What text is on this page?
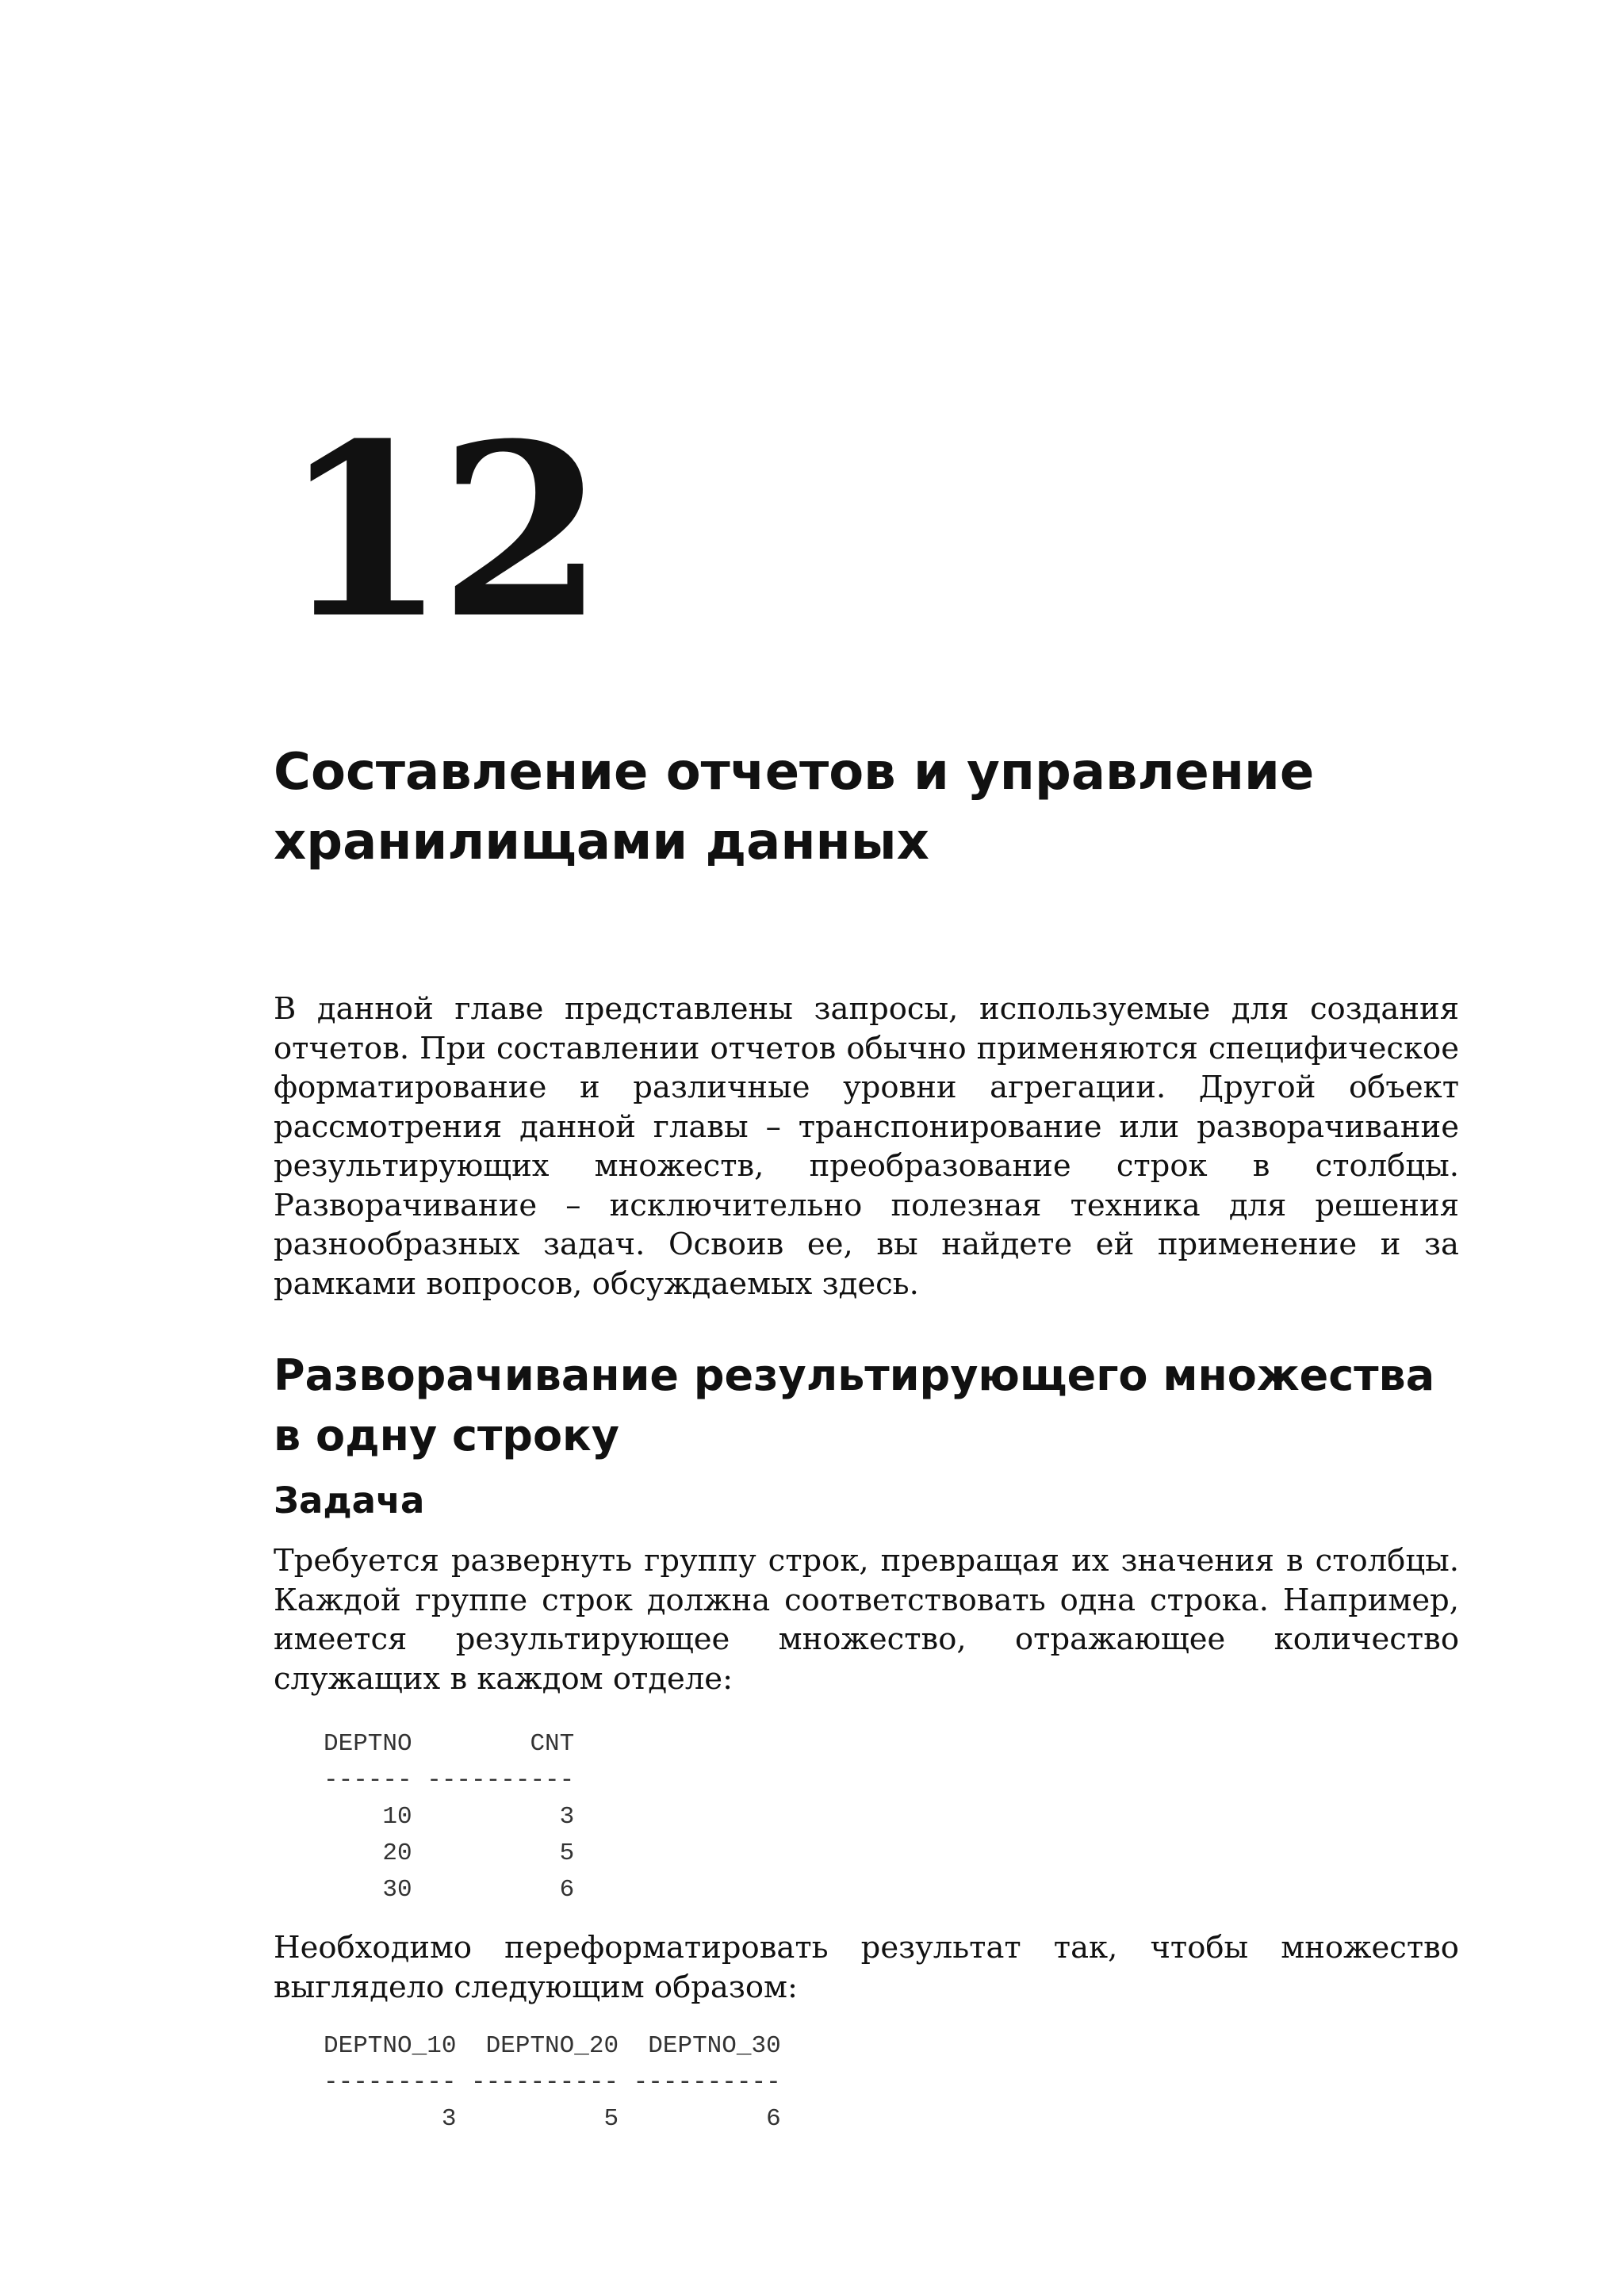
12
Составление отчетов и управление хранилищами данных

В данной главе представлены запросы, используемые для создания отчетов. При составлении отчетов обычно применяются специфическое форматирование и различные уровни агрегации. Другой объект рассмотрения данной главы – транспонирование или разворачивание результирующих множеств, преобразование строк в столбцы. Разворачивание – исключительно полезная техника для решения разнообразных задач. Освоив ее, вы найдете ей применение и за рамками вопросов, обсуждаемых здесь.

Разворачивание результирующего множества в одну строку
Задача

Требуется развернуть группу строк, превращая их значения в столбцы. Каждой группе строк должна соответствовать одна строка. Например, имеется результирующее множество, отражающее количество служащих в каждом отделе:

DEPTNO        CNT
------ ----------
10          3
20          5
30          6

Необходимо переформатировать результат так, чтобы множество выглядело следующим образом:

DEPTNO_10  DEPTNO_20  DEPTNO_30
--------- ---------- ----------
3          5          6
